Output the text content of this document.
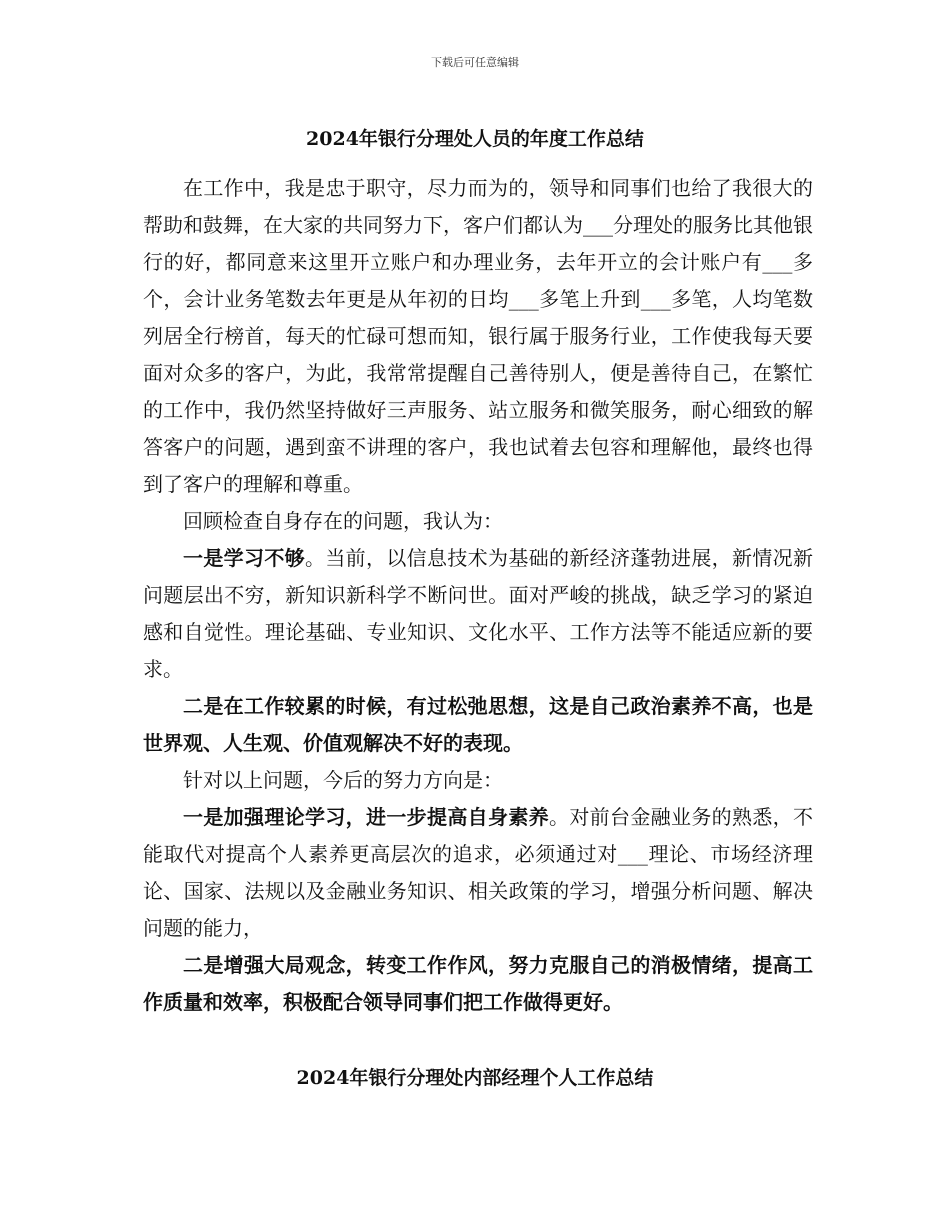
下载后可任意编辑
2024年银行分理处人员的年度工作总结

在工作中，我是忠于职守，尽力而为的，领导和同事们也给了我很大的帮助和鼓舞，在大家的共同努力下，客户们都认为___分理处的服务比其他银行的好，都同意来这里开立账户和办理业务，去年开立的会计账户有___多个，会计业务笔数去年更是从年初的日均___多笔上升到___多笔，人均笔数列居全行榜首，每天的忙碌可想而知，银行属于服务行业，工作使我每天要面对众多的客户，为此，我常常提醒自己善待别人，便是善待自己，在繁忙的工作中，我仍然坚持做好三声服务、站立服务和微笑服务，耐心细致的解答客户的问题，遇到蛮不讲理的客户，我也试着去包容和理解他，最终也得到了客户的理解和尊重。

回顾检查自身存在的问题，我认为：

一是学习不够。当前，以信息技术为基础的新经济蓬勃进展，新情况新问题层出不穷，新知识新科学不断问世。面对严峻的挑战，缺乏学习的紧迫感和自觉性。理论基础、专业知识、文化水平、工作方法等不能适应新的要求。

二是在工作较累的时候，有过松弛思想，这是自己政治素养不高，也是世界观、人生观、价值观解决不好的表现。

针对以上问题，今后的努力方向是：

一是加强理论学习，进一步提高自身素养。对前台金融业务的熟悉，不能取代对提高个人素养更高层次的追求，必须通过对___理论、市场经济理论、国家、法规以及金融业务知识、相关政策的学习，增强分析问题、解决问题的能力，

二是增强大局观念，转变工作作风，努力克服自己的消极情绪，提高工作质量和效率，积极配合领导同事们把工作做得更好。

2024年银行分理处内部经理个人工作总结
